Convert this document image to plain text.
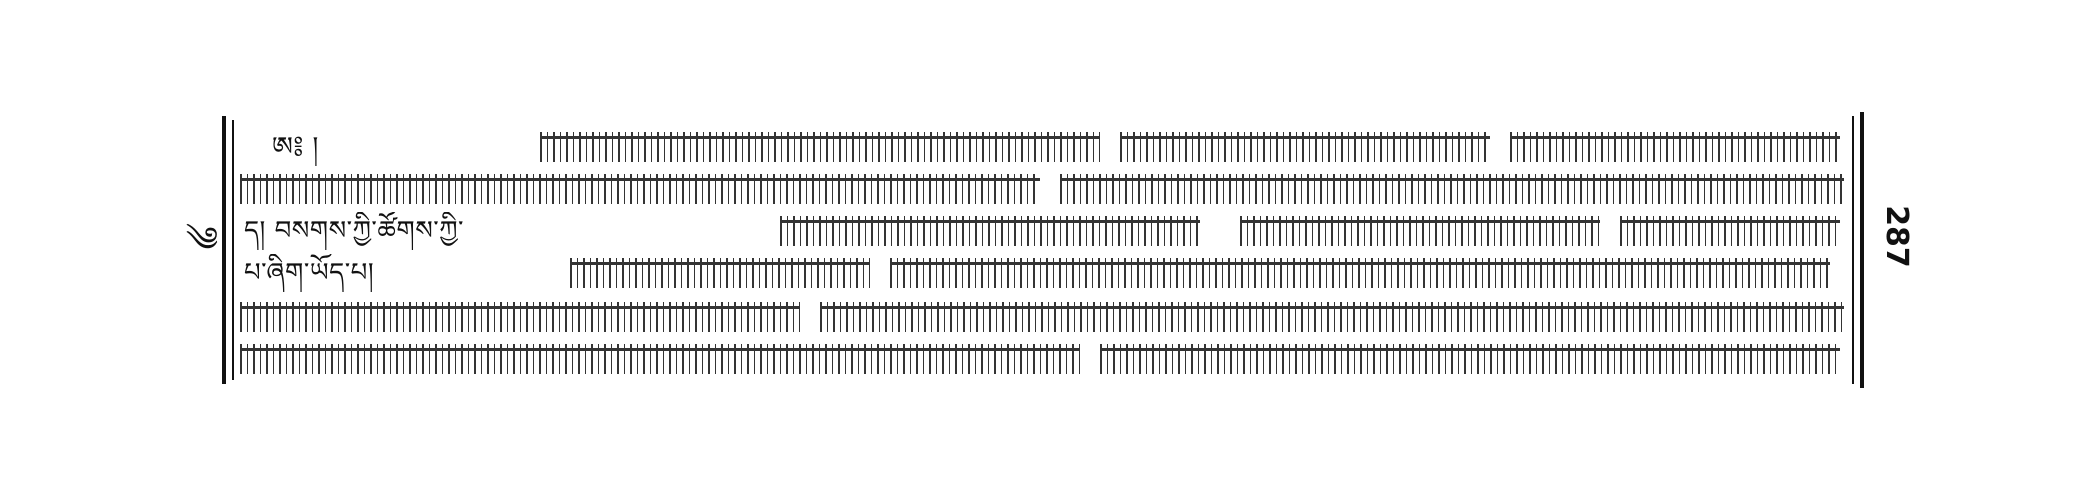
༄
ཨ༔ །
ད། བསགས་ཀྱི་ཚོགས་ཀྱི་
པ་ཞིག་ཡོད་པ།
287
